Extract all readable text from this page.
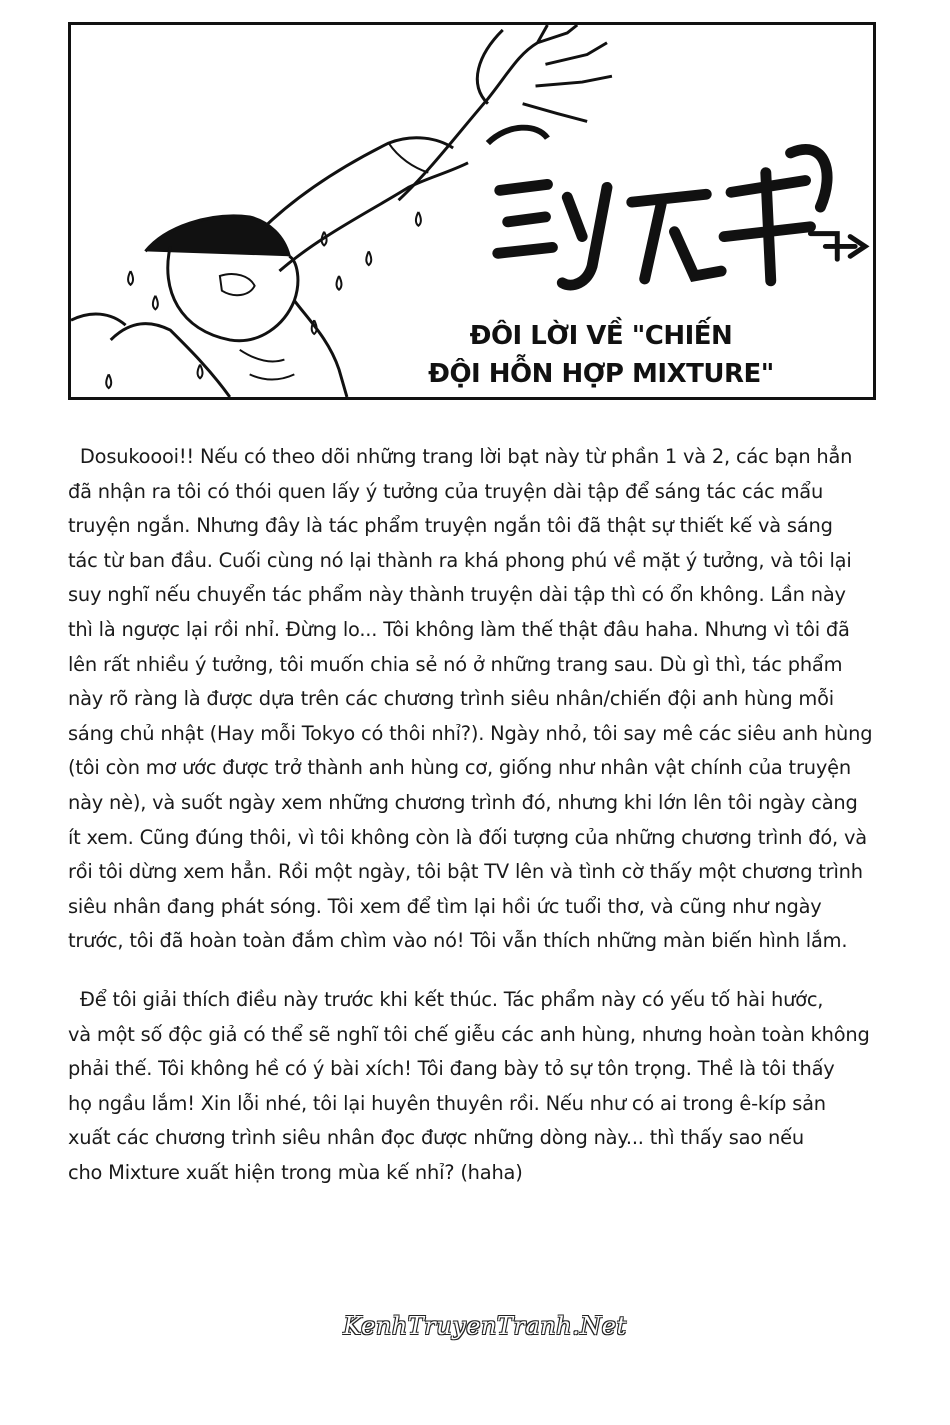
ĐÔI LỜI VỀ "CHIẾN
ĐỘI HỖN HỢP MIXTURE"
Dosukoooi!! Nếu có theo dõi những trang lời bạt này từ phần 1 và 2, các bạn hẳn
đã nhận ra tôi có thói quen lấy ý tưởng của truyện dài tập để sáng tác các mẩu
truyện ngắn. Nhưng đây là tác phẩm truyện ngắn tôi đã thật sự thiết kế và sáng
tác từ ban đầu. Cuối cùng nó lại thành ra khá phong phú về mặt ý tưởng, và tôi lại
suy nghĩ nếu chuyển tác phẩm này thành truyện dài tập thì có ổn không. Lần này
thì là ngược lại rồi nhỉ. Đừng lo... Tôi không làm thế thật đâu haha. Nhưng vì tôi đã
lên rất nhiều ý tưởng, tôi muốn chia sẻ nó ở những trang sau. Dù gì thì, tác phẩm
này rõ ràng là được dựa trên các chương trình siêu nhân/chiến đội anh hùng mỗi
sáng chủ nhật (Hay mỗi Tokyo có thôi nhỉ?). Ngày nhỏ, tôi say mê các siêu anh hùng
(tôi còn mơ ước được trở thành anh hùng cơ, giống như nhân vật chính của truyện
này nè), và suốt ngày xem những chương trình đó, nhưng khi lớn lên tôi ngày càng
ít xem. Cũng đúng thôi, vì tôi không còn là đối tượng của những chương trình đó, và
rồi tôi dừng xem hẳn. Rồi một ngày, tôi bật TV lên và tình cờ thấy một chương trình
siêu nhân đang phát sóng. Tôi xem để tìm lại hồi ức tuổi thơ, và cũng như ngày
trước, tôi đã hoàn toàn đắm chìm vào nó! Tôi vẫn thích những màn biến hình lắm.
Để tôi giải thích điều này trước khi kết thúc. Tác phẩm này có yếu tố hài hước,
và một số độc giả có thể sẽ nghĩ tôi chế giễu các anh hùng, nhưng hoàn toàn không
phải thế. Tôi không hề có ý bài xích! Tôi đang bày tỏ sự tôn trọng. Thề là tôi thấy
họ ngầu lắm! Xin lỗi nhé, tôi lại huyên thuyên rồi. Nếu như có ai trong ê-kíp sản
xuất các chương trình siêu nhân đọc được những dòng này... thì thấy sao nếu
cho Mixture xuất hiện trong mùa kế nhỉ? (haha)
KenhTruyenTranh.Net
